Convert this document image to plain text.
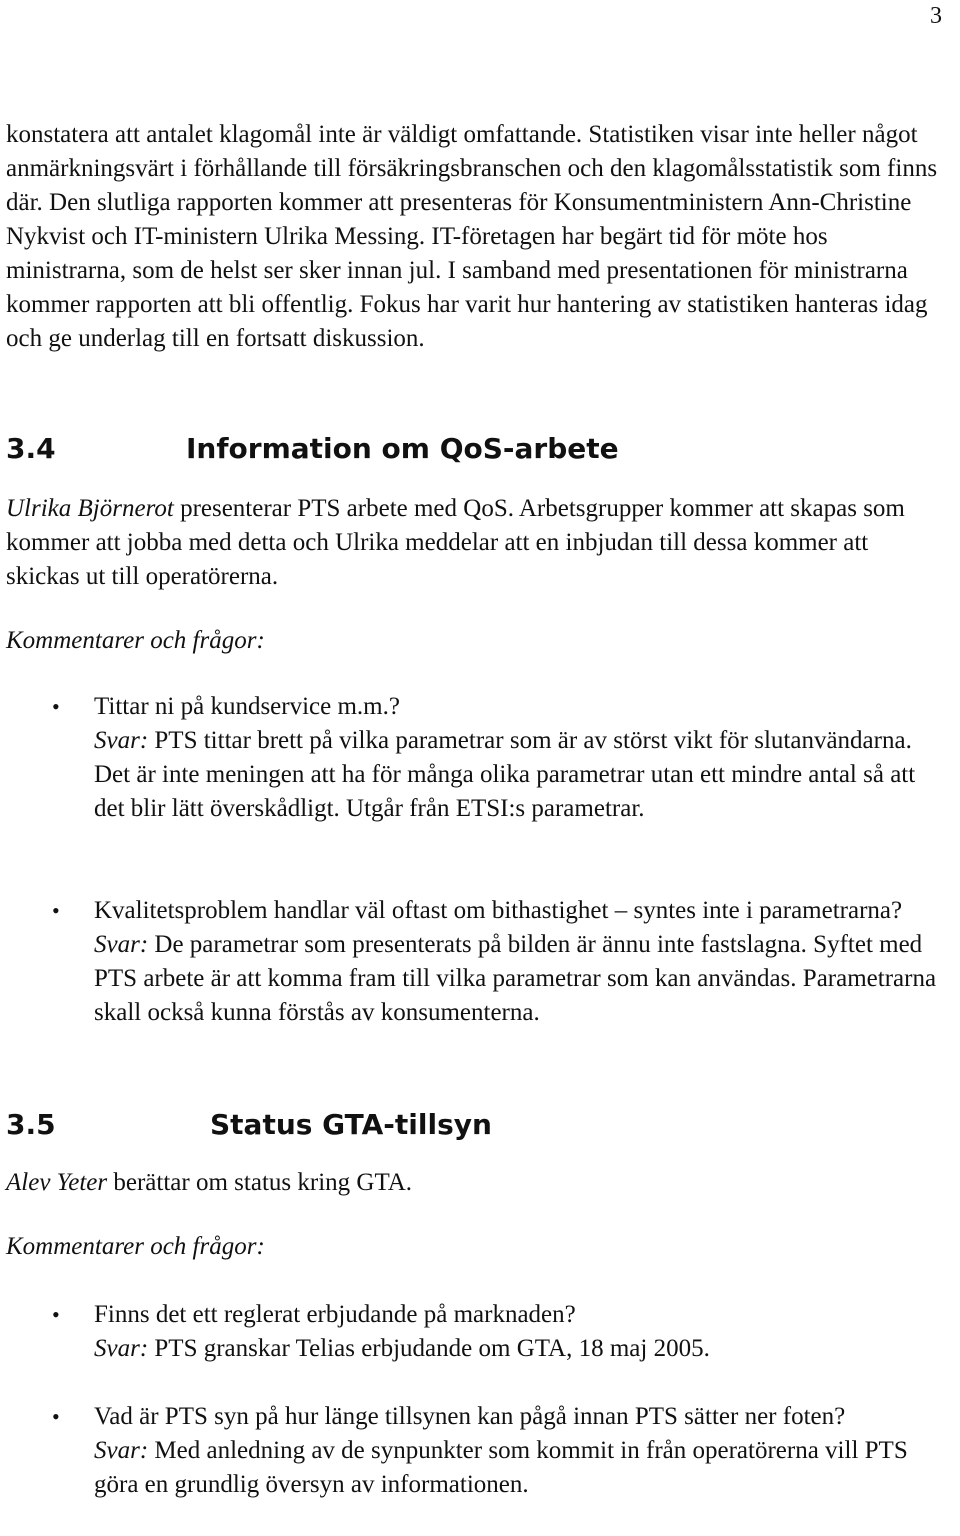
3

konstatera att antalet klagomål inte är väldigt omfattande. Statistiken visar inte heller något anmärkningsvärt i förhållande till försäkringsbranschen och den klagomålsstatistik som finns där. Den slutliga rapporten kommer att presenteras för Konsumentministern Ann-Christine Nykvist och IT-ministern Ulrika Messing. IT-företagen har begärt tid för möte hos ministrarna, som de helst ser sker innan jul. I samband med presentationen för ministrarna kommer rapporten att bli offentlig. Fokus har varit hur hantering av statistiken hanteras idag och ge underlag till en fortsatt diskussion.

3.4	Information om QoS-arbete

Ulrika Björnerot presenterar PTS arbete med QoS. Arbetsgrupper kommer att skapas som kommer att jobba med detta och Ulrika meddelar att en inbjudan till dessa kommer att skickas ut till operatörerna.

Kommentarer och frågor:
• Tittar ni på kundservice m.m.?
Svar: PTS tittar brett på vilka parametrar som är av störst vikt för slutanvändarna. Det är inte meningen att ha för många olika parametrar utan ett mindre antal så att det blir lätt överskådligt. Utgår från ETSI:s parametrar.
• Kvalitetsproblem handlar väl oftast om bithastighet – syntes inte i parametrarna?
Svar: De parametrar som presenterats på bilden är ännu inte fastslagna. Syftet med PTS arbete är att komma fram till vilka parametrar som kan användas. Parametrarna skall också kunna förstås av konsumenterna.
3.5	Status GTA-tillsyn

Alev Yeter berättar om status kring GTA.

Kommentarer och frågor:
• Finns det ett reglerat erbjudande på marknaden?
Svar: PTS granskar Telias erbjudande om GTA, 18 maj 2005.
• Vad är PTS syn på hur länge tillsynen kan pågå innan PTS sätter ner foten?
Svar: Med anledning av de synpunkter som kommit in från operatörerna vill PTS göra en grundlig översyn av informationen.
